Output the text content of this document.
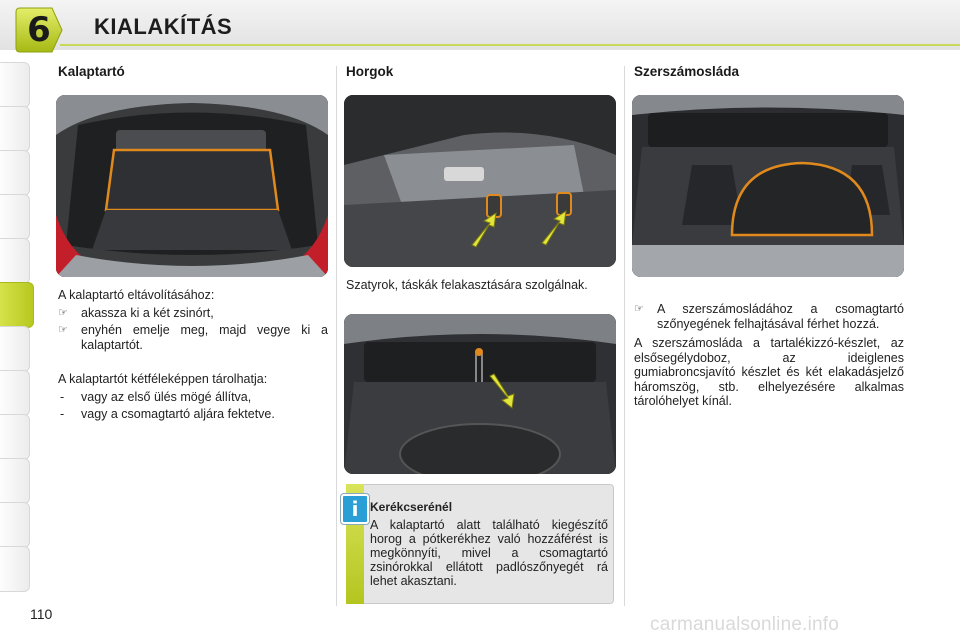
6	KIALAKÍTÁS
Kalaptartó
A kalaptartó eltávolításához:
☞ akassza ki a két zsinórt,
☞ enyhén emelje meg, majd vegye ki a kalaptartót.
A kalaptartót kétféleképpen tárolhatja:
- vagy az első ülés mögé állítva,
- vagy a csomagtartó aljára fektetve.
Horgok
Szatyrok, táskák felakasztására szolgálnak.
i Kerékcserénél
A kalaptartó alatt található kiegészítő horog a pótkerékhez való hozzáférést is megkönnyíti, mivel a csomagtartó zsinórokkal ellátott padlószőnyegét rá lehet akasztani.
Szerszámosláda
☞ A szerszámosládához a csomagtartó szőnyegének felhajtásával férhet hozzá.
A szerszámosláda a tartalékizzó-készlet, az elsősegélydoboz, az ideiglenes gumiabroncsjavító készlet és két elakadásjelző háromszög, stb. elhelyezésére alkalmas tárolóhelyet kínál.
110	carmanualsonline.info
